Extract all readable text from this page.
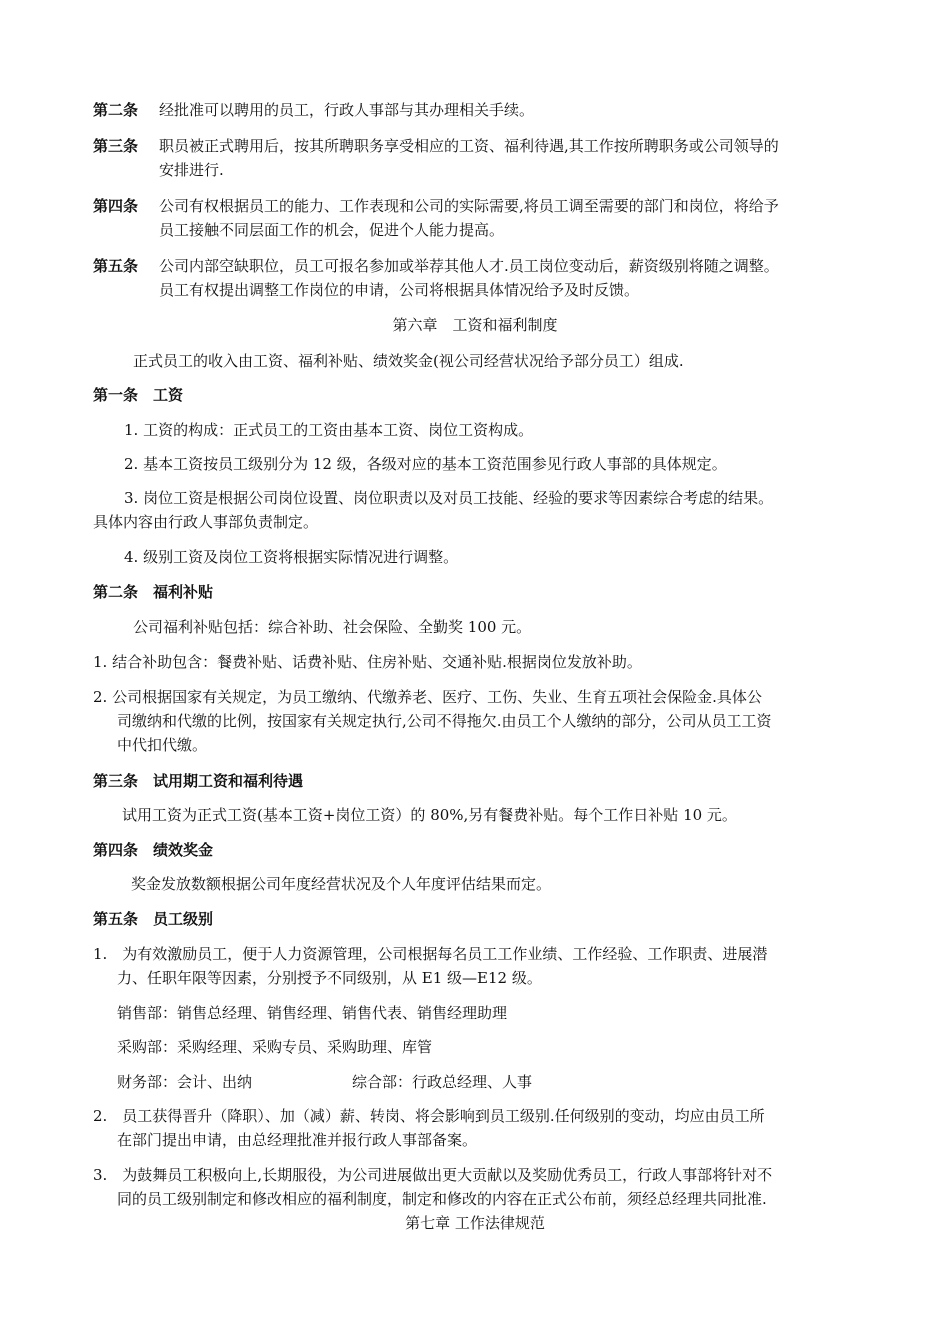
第二条 经批准可以聘用的员工，行政人事部与其办理相关手续。
第三条 职员被正式聘用后，按其所聘职务享受相应的工资、福利待遇,其工作按所聘职务或公司领导的
安排进行.
第四条 公司有权根据员工的能力、工作表现和公司的实际需要,将员工调至需要的部门和岗位，将给予
员工接触不同层面工作的机会，促进个人能力提高。
第五条 公司内部空缺职位，员工可报名参加或举荐其他人才.员工岗位变动后，薪资级别将随之调整。
员工有权提出调整工作岗位的申请，公司将根据具体情况给予及时反馈。
第六章　工资和福利制度
正式员工的收入由工资、福利补贴、绩效奖金(视公司经营状况给予部分员工）组成.
第一条　工资
1. 工资的构成：正式员工的工资由基本工资、岗位工资构成。
2. 基本工资按员工级别分为 12 级，各级对应的基本工资范围参见行政人事部的具体规定。
3. 岗位工资是根据公司岗位设置、岗位职责以及对员工技能、经验的要求等因素综合考虑的结果。
具体内容由行政人事部负责制定。
4. 级别工资及岗位工资将根据实际情况进行调整。
第二条　福利补贴
公司福利补贴包括：综合补助、社会保险、全勤奖 100 元。
1. 结合补助包含：餐费补贴、话费补贴、住房补贴、交通补贴.根据岗位发放补助。
2. 公司根据国家有关规定，为员工缴纳、代缴养老、医疗、工伤、失业、生育五项社会保险金.具体公
司缴纳和代缴的比例，按国家有关规定执行,公司不得拖欠.由员工个人缴纳的部分，公司从员工工资
中代扣代缴。
第三条　试用期工资和福利待遇
试用工资为正式工资(基本工资+岗位工资）的 80%,另有餐费补贴。每个工作日补贴 10 元。
第四条　绩效奖金
奖金发放数额根据公司年度经营状况及个人年度评估结果而定。
第五条　员工级别
1.　为有效激励员工，便于人力资源管理，公司根据每名员工工作业绩、工作经验、工作职责、进展潜
力、任职年限等因素，分别授予不同级别，从 E1 级—E12 级。
销售部：销售总经理、销售经理、销售代表、销售经理助理
采购部：采购经理、采购专员、采购助理、库管
财务部：会计、出纳	综合部：行政总经理、人事
2.　员工获得晋升（降职）、加（减）薪、转岗、将会影响到员工级别.任何级别的变动，均应由员工所
在部门提出申请，由总经理批准并报行政人事部备案。
3.　为鼓舞员工积极向上,长期服役，为公司进展做出更大贡献以及奖励优秀员工，行政人事部将针对不
同的员工级别制定和修改相应的福利制度，制定和修改的内容在正式公布前，须经总经理共同批准.
第七章 工作法律规范
